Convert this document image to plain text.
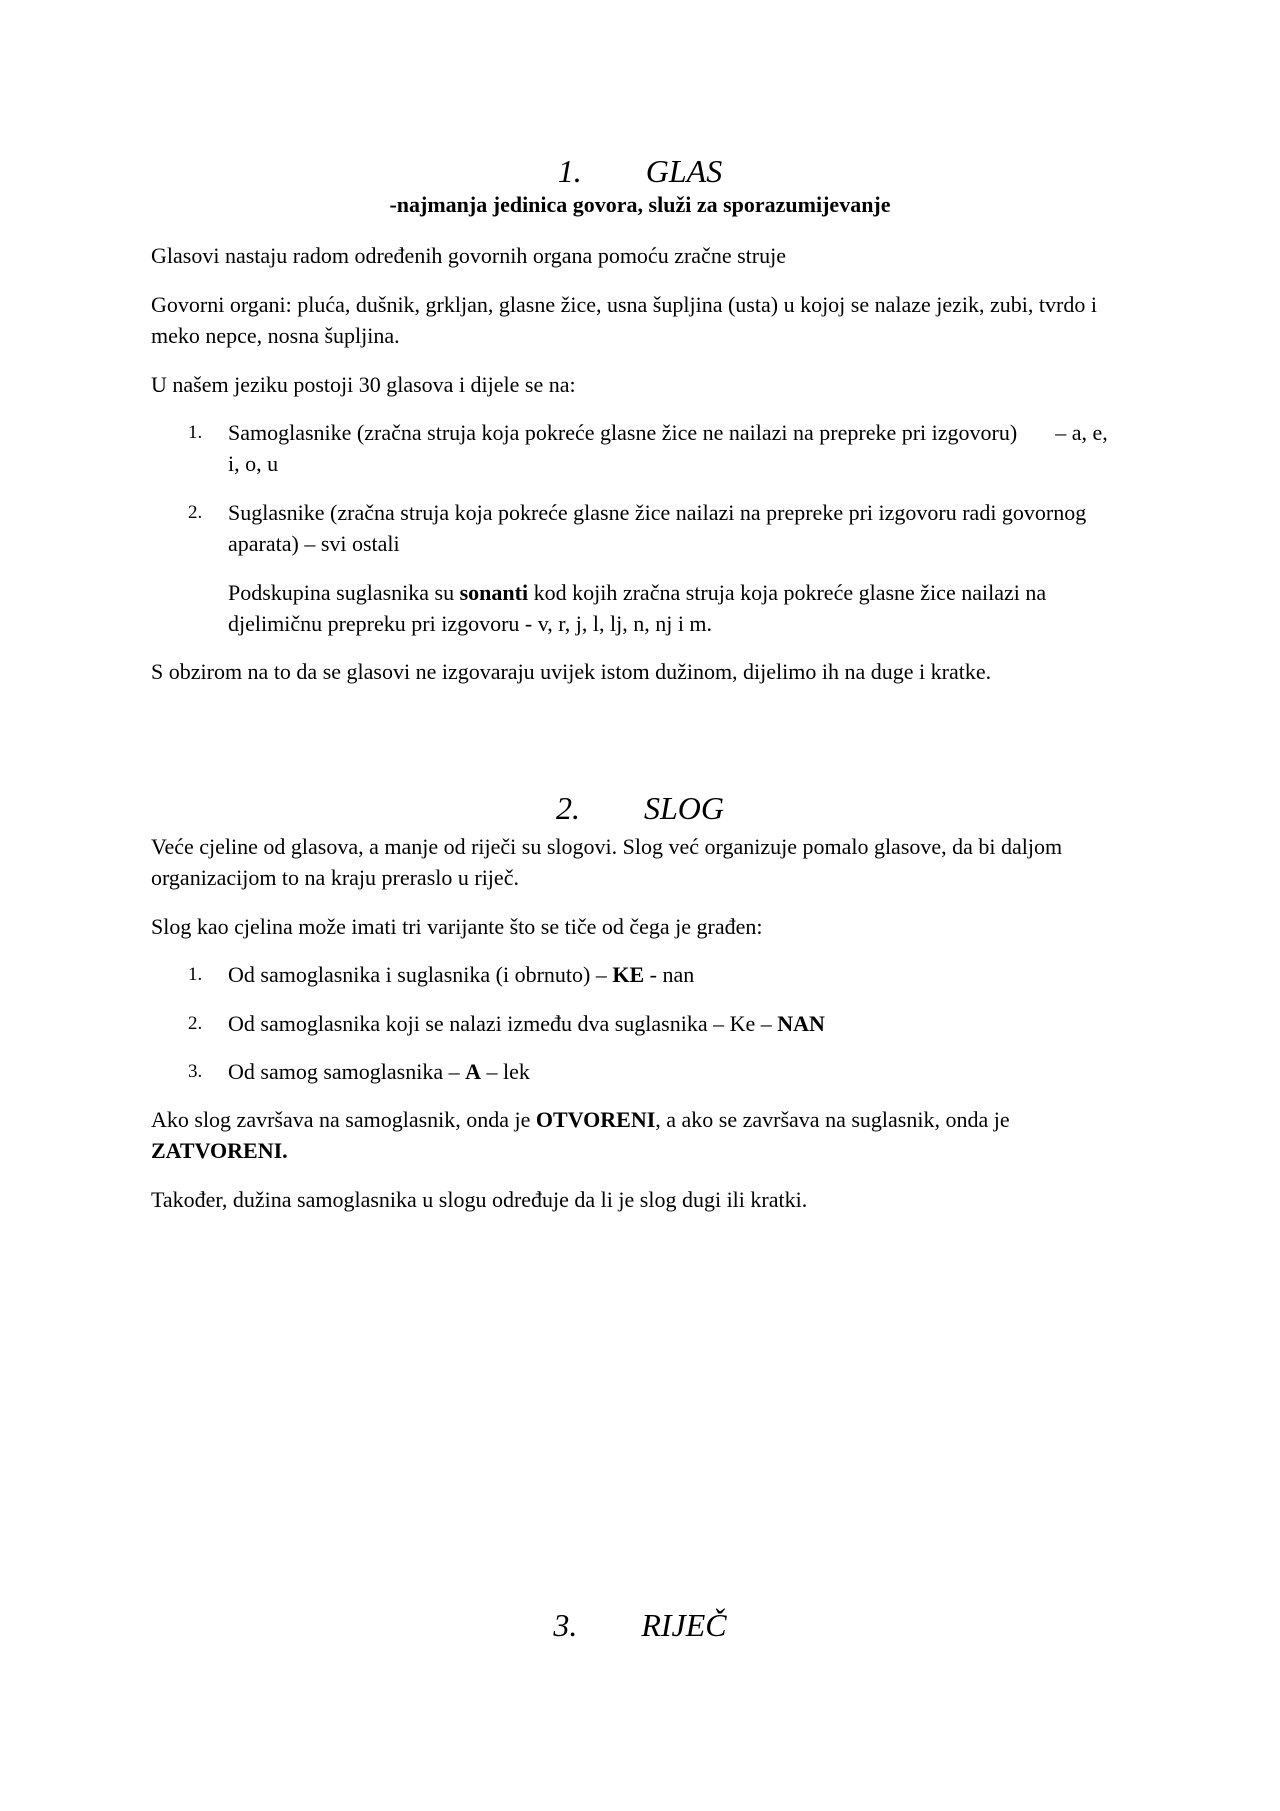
1. GLAS
-najmanja jedinica govora, služi za sporazumijevanje

Glasovi nastaju radom određenih govornih organa pomoću zračne struje

Govorni organi: pluća, dušnik, grkljan, glasne žice, usna šupljina (usta) u kojoj se nalaze jezik, zubi, tvrdo i meko nepce, nosna šupljina.

U našem jeziku postoji 30 glasova i dijele se na:

1.	Samoglasnike (zračna struja koja pokreće glasne žice ne nailazi na prepreke pri izgovoru) – a, e, i, o, u
2.	Suglasnike (zračna struja koja pokreće glasne žice nailazi na prepreke pri izgovoru radi govornog aparata) – svi ostali

Podskupina suglasnika su sonanti kod kojih zračna struja koja pokreće glasne žice nailazi na djelimičnu prepreku pri izgovoru - v, r, j, l, lj, n, nj i m.

S obzirom na to da se glasovi ne izgovaraju uvijek istom dužinom, dijelimo ih na duge i kratke.

2. SLOG

Veće cjeline od glasova, a manje od riječi su slogovi. Slog već organizuje pomalo glasove, da bi daljom organizacijom to na kraju preraslo u riječ.

Slog kao cjelina može imati tri varijante što se tiče od čega je građen:

1.	Od samoglasnika i suglasnika (i obrnuto) – KE - nan
2.	Od samoglasnika koji se nalazi između dva suglasnika – Ke – NAN
3.	Od samog samoglasnika – A – lek

Ako slog završava na samoglasnik, onda je OTVORENI, a ako se završava na suglasnik, onda je ZATVORENI.

Također, dužina samoglasnika u slogu određuje da li je slog dugi ili kratki.

3. RIJEČ
